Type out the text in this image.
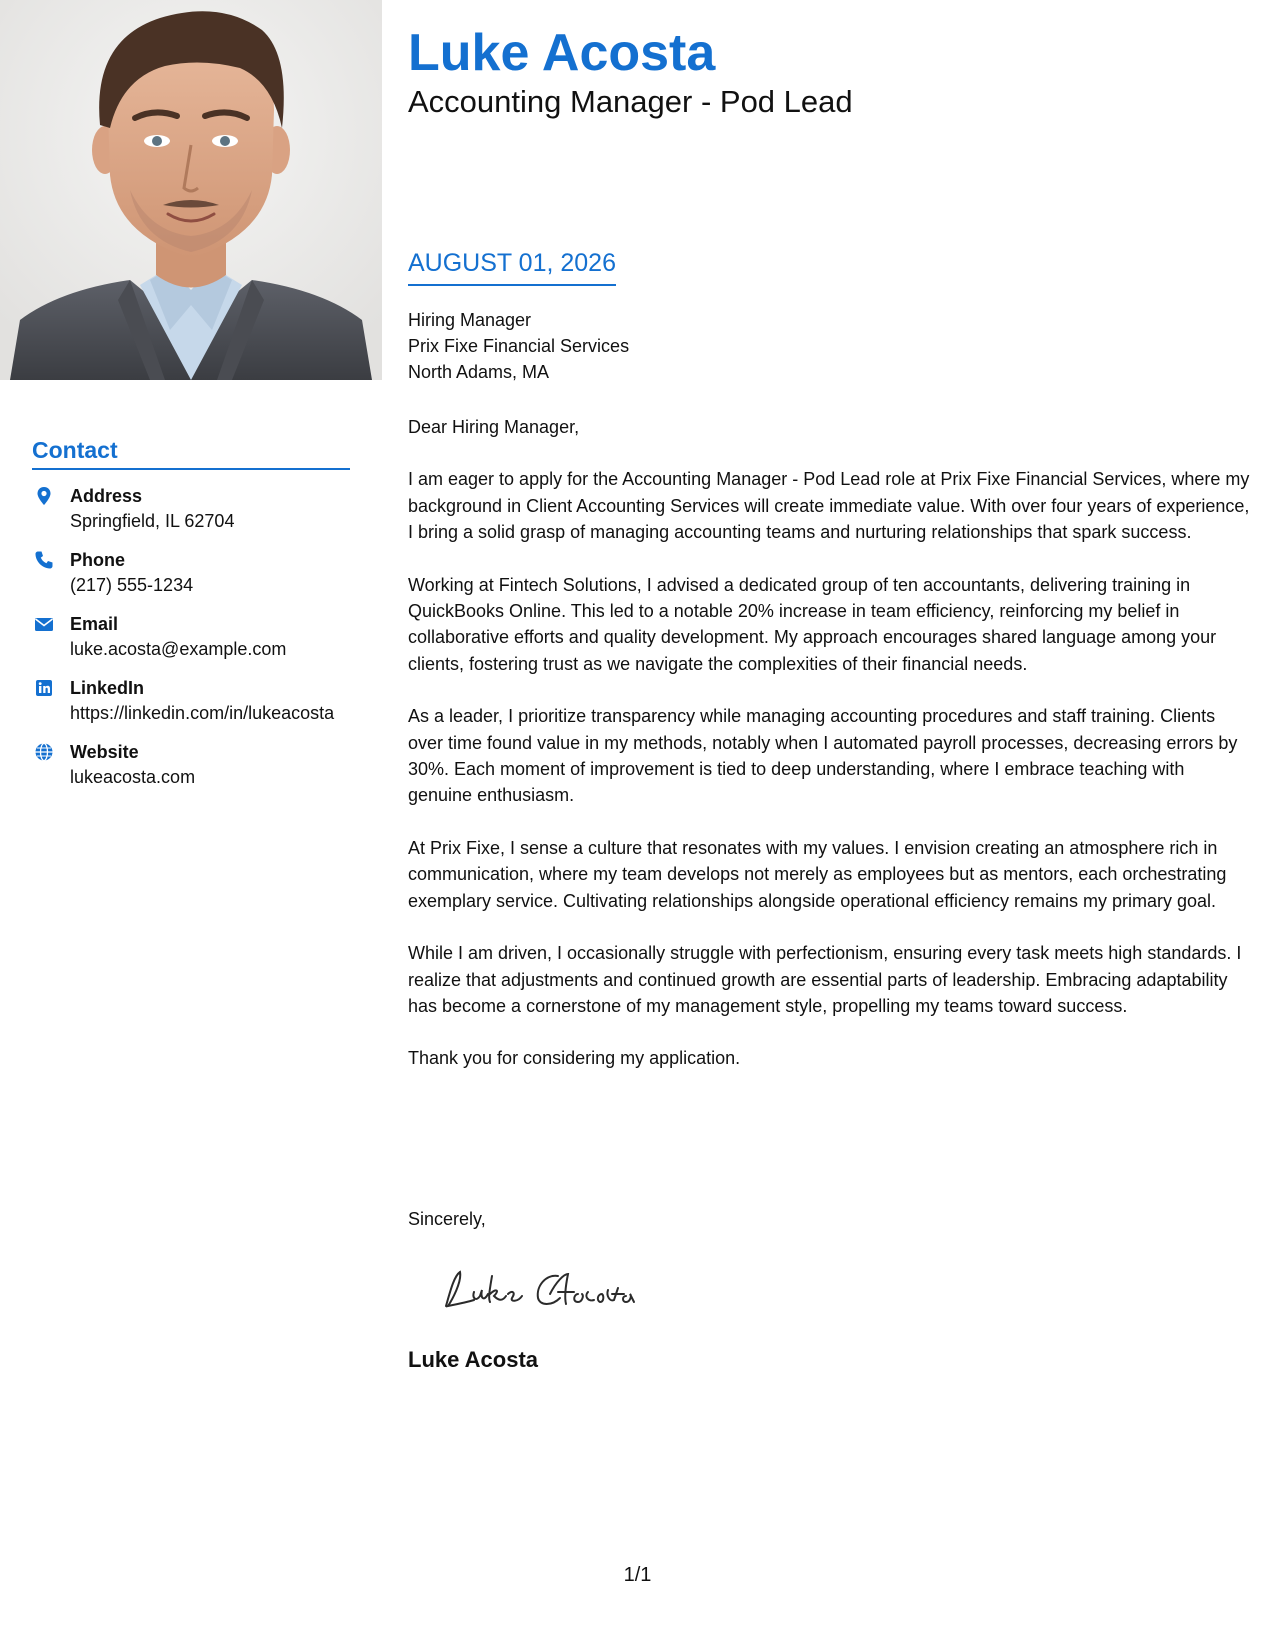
Contact
Address
Springfield, IL 62704
Phone
(217) 555-1234
Email
luke.acosta@example.com
LinkedIn
https://linkedin.com/in/lukeacosta
Website
lukeacosta.com
Luke Acosta
Accounting Manager - Pod Lead
AUGUST 01, 2026
Hiring Manager
Prix Fixe Financial Services
North Adams, MA

Dear Hiring Manager,

I am eager to apply for the Accounting Manager - Pod Lead role at Prix Fixe Financial Services, where my background in Client Accounting Services will create immediate value. With over four years of experience, I bring a solid grasp of managing accounting teams and nurturing relationships that spark success.

Working at Fintech Solutions, I advised a dedicated group of ten accountants, delivering training in QuickBooks Online. This led to a notable 20% increase in team efficiency, reinforcing my belief in collaborative efforts and quality development. My approach encourages shared language among your clients, fostering trust as we navigate the complexities of their financial needs.

As a leader, I prioritize transparency while managing accounting procedures and staff training. Clients over time found value in my methods, notably when I automated payroll processes, decreasing errors by 30%. Each moment of improvement is tied to deep understanding, where I embrace teaching with genuine enthusiasm.

At Prix Fixe, I sense a culture that resonates with my values. I envision creating an atmosphere rich in communication, where my team develops not merely as employees but as mentors, each orchestrating exemplary service. Cultivating relationships alongside operational efficiency remains my primary goal.

While I am driven, I occasionally struggle with perfectionism, ensuring every task meets high standards. I realize that adjustments and continued growth are essential parts of leadership. Embracing adaptability has become a cornerstone of my management style, propelling my teams toward success.

Thank you for considering my application.

Sincerely,
Luke Acosta
1/1
